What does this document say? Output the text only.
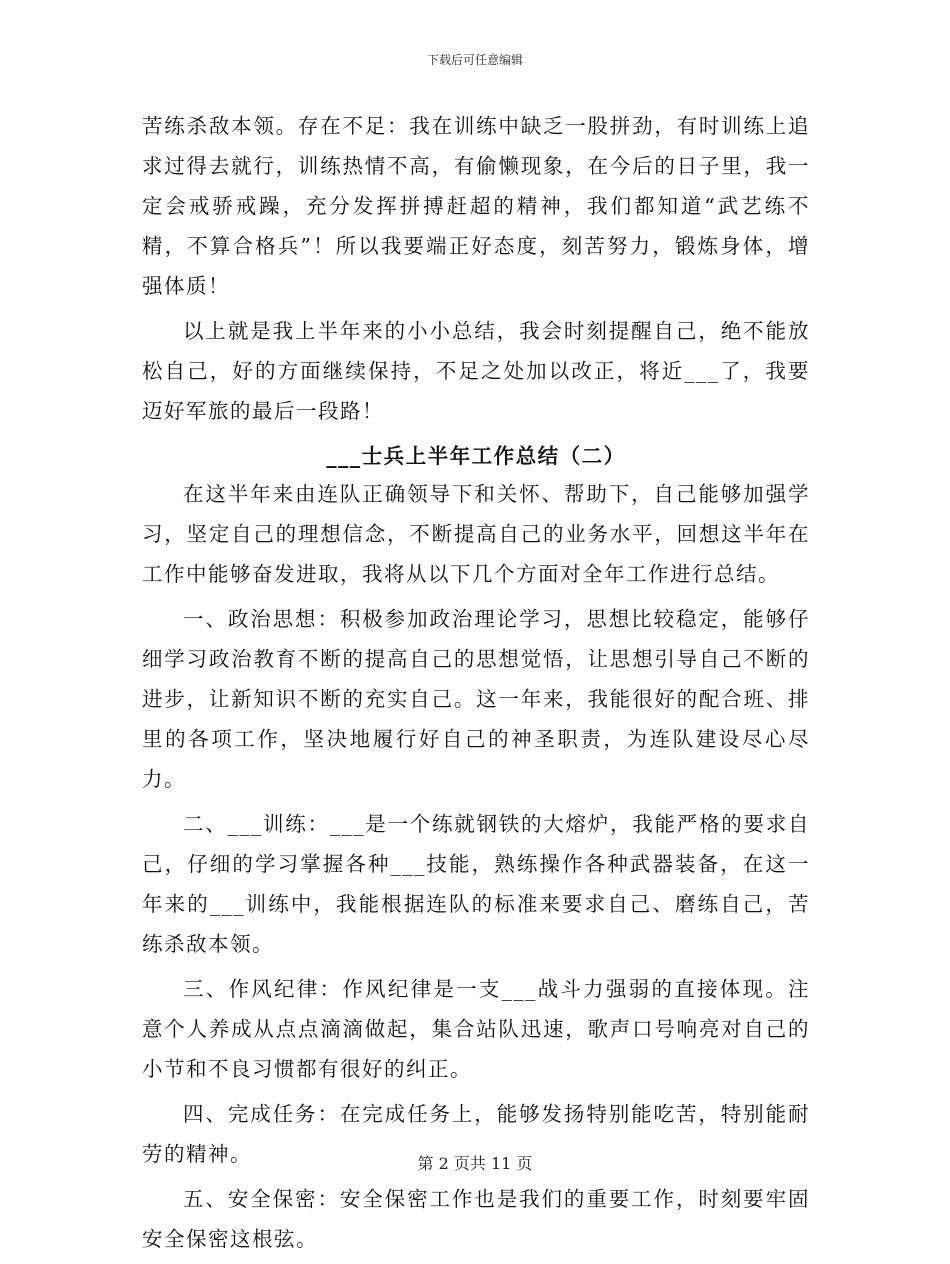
下载后可任意编辑

苦练杀敌本领。存在不足：我在训练中缺乏一股拼劲，有时训练上追求过得去就行，训练热情不高，有偷懒现象，在今后的日子里，我一定会戒骄戒躁，充分发挥拼搏赶超的精神，我们都知道“武艺练不精，不算合格兵”！所以我要端正好态度，刻苦努力，锻炼身体，增强体质！

以上就是我上半年来的小小总结，我会时刻提醒自己，绝不能放松自己，好的方面继续保持，不足之处加以改正，将近___了，我要迈好军旅的最后一段路！

___士兵上半年工作总结（二）

在这半年来由连队正确领导下和关怀、帮助下，自己能够加强学习，坚定自己的理想信念，不断提高自己的业务水平，回想这半年在工作中能够奋发进取，我将从以下几个方面对全年工作进行总结。

一、政治思想：积极参加政治理论学习，思想比较稳定，能够仔细学习政治教育不断的提高自己的思想觉悟，让思想引导自己不断的进步，让新知识不断的充实自己。这一年来，我能很好的配合班、排里的各项工作，坚决地履行好自己的神圣职责，为连队建设尽心尽力。

二、___训练：___是一个练就钢铁的大熔炉，我能严格的要求自己，仔细的学习掌握各种___技能，熟练操作各种武器装备，在这一年来的___训练中，我能根据连队的标准来要求自己、磨练自己，苦练杀敌本领。

三、作风纪律：作风纪律是一支___战斗力强弱的直接体现。注意个人养成从点点滴滴做起，集合站队迅速，歌声口号响亮对自己的小节和不良习惯都有很好的纠正。

四、完成任务：在完成任务上，能够发扬特别能吃苦，特别能耐劳的精神。

五、安全保密：安全保密工作也是我们的重要工作，时刻要牢固安全保密这根弦。

第 2 页共 11 页
